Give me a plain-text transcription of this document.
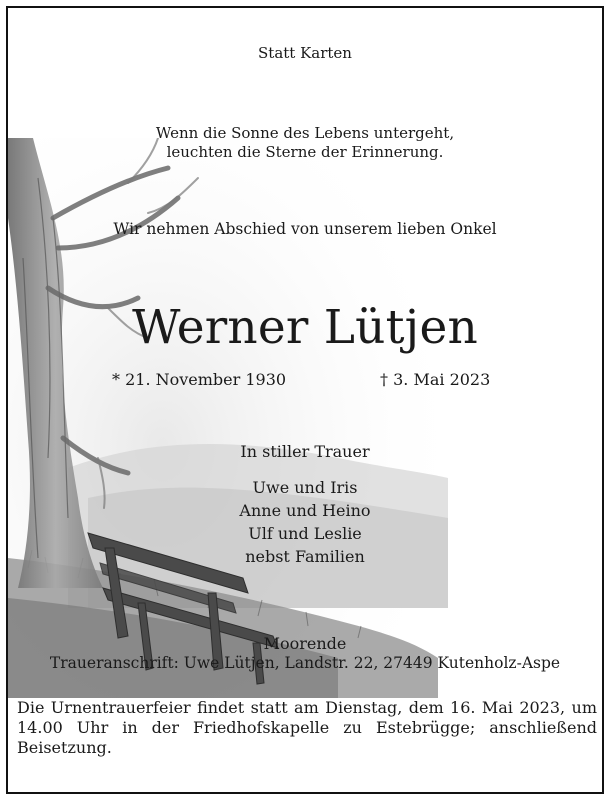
Statt Karten
Wenn die Sonne des Lebens untergeht,
leuchten die Sterne der Erinnerung.
Wir nehmen Abschied von unserem lieben Onkel
Werner Lütjen
* 21. November 1930	† 3. Mai 2023
In stiller Trauer
Uwe und Iris
Anne und Heino
Ulf und Leslie
nebst Familien
Moorende
Traueranschrift: Uwe Lütjen, Landstr. 22, 27449 Kutenholz-Aspe
Die Urnentrauerfeier findet statt am Dienstag, dem 16. Mai 2023, um 14.00 Uhr in der Friedhofskapelle zu Estebrügge; anschließend Beisetzung.
